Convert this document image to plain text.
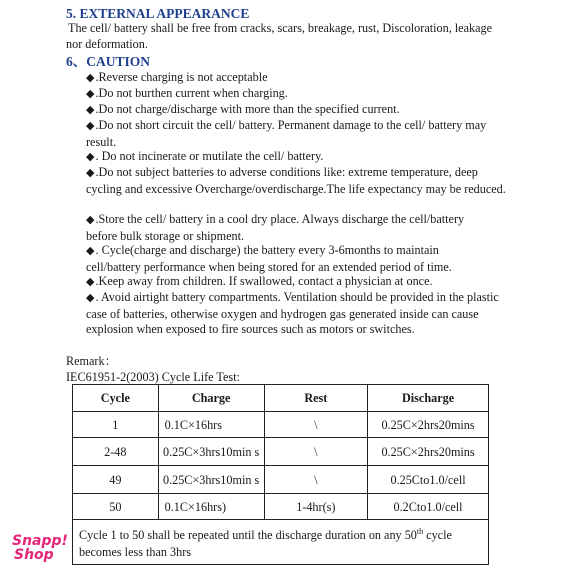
5. EXTERNAL APPEARANCE

The cell/ battery shall be free from cracks, scars, breakage, rust, Discoloration, leakage nor deformation.

6、CAUTION

◆.Reverse charging is not acceptable

◆.Do not burthen current when charging.

◆.Do not charge/discharge with more than the specified current.

◆.Do not short circuit the cell/ battery. Permanent damage to the cell/ battery may result.

◆. Do not incinerate or mutilate the cell/ battery.

◆.Do not subject batteries to adverse conditions like: extreme temperature, deep cycling and excessive Overcharge/overdischarge.The life expectancy may be reduced.

◆.Store the cell/ battery in a cool dry place. Always discharge the cell/battery before bulk storage or shipment.

◆. Cycle(charge and discharge) the battery every 3-6months to maintain cell/battery performance when being stored for an extended period of time.

◆.Keep away from children. If swallowed, contact a physician at once.

◆. Avoid airtight battery compartments. Ventilation should be provided in the plastic case of batteries, otherwise oxygen and hydrogen gas generated inside can cause explosion when exposed to fire sources such as motors or switches.

Remark：
IEC61951-2(2003) Cycle Life Test:
Cycle	Charge	Rest	Discharge
1	0.1C×16hrs	\	0.25C×2hrs20mins
2-48	0.25C×3hrs10min s	\	0.25C×2hrs20mins
49	0.25C×3hrs10min s	\	0.25Cto1.0/cell
50	0.1C×16hrs)	1-4hr(s)	0.2Cto1.0/cell
Cycle 1 to 50 shall be repeated until the discharge duration on any 50th cycle becomes less than 3hrs			
Snapp!
Shop
